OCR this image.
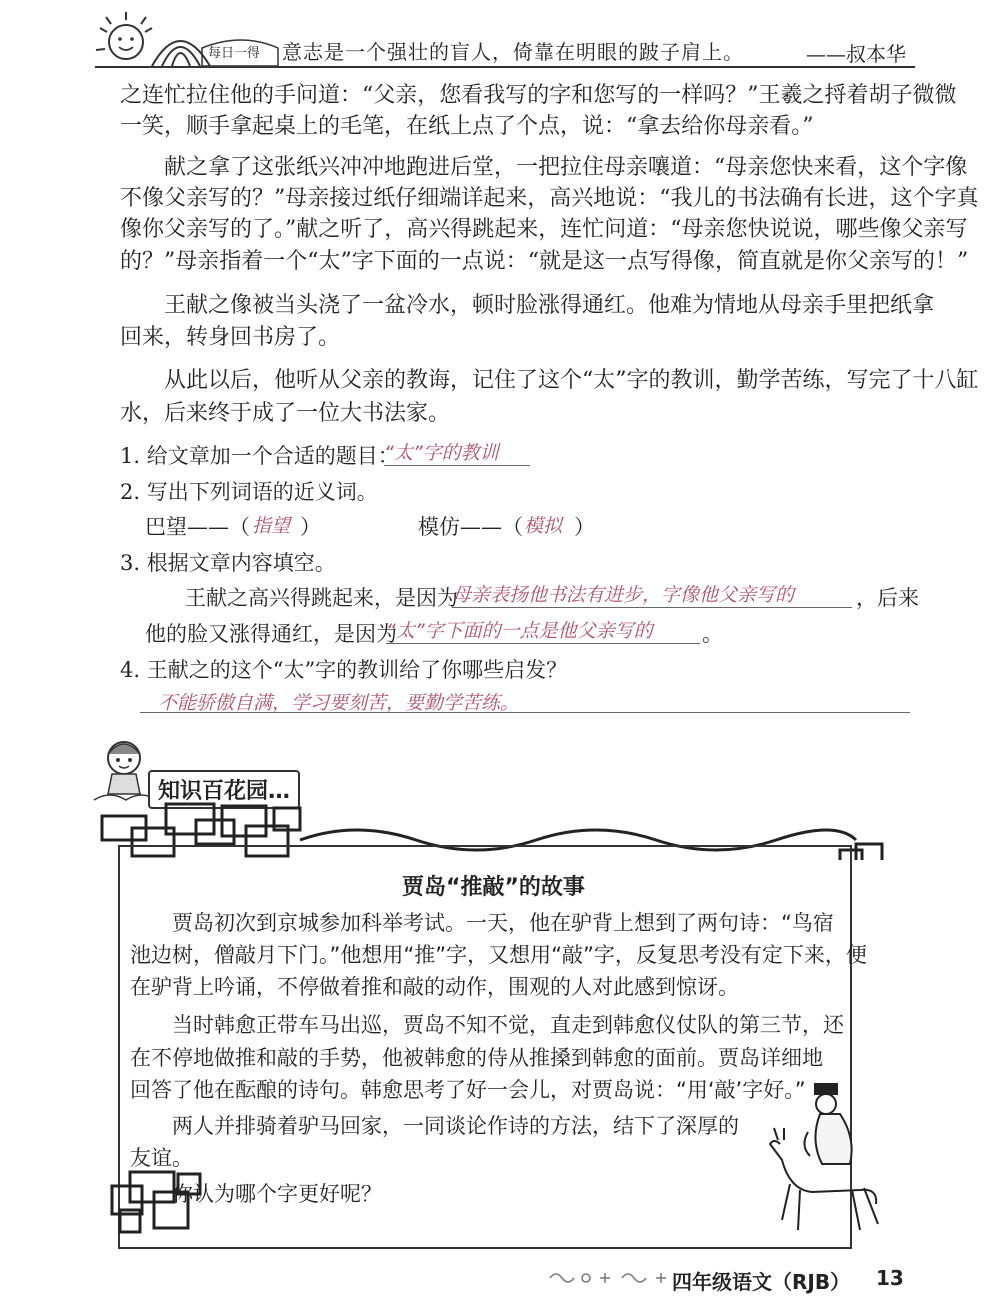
每日一得 意志是一个强壮的盲人，倚靠在明眼的跛子肩上。	——叔本华
之连忙拉住他的手问道：“父亲，您看我写的字和您写的一样吗？”王羲之捋着胡子微微
一笑，顺手拿起桌上的毛笔，在纸上点了个点，说：“拿去给你母亲看。”
　　献之拿了这张纸兴冲冲地跑进后堂，一把拉住母亲嚷道：“母亲您快来看，这个字像
不像父亲写的？”母亲接过纸仔细端详起来，高兴地说：“我儿的书法确有长进，这个字真
像你父亲写的了。”献之听了，高兴得跳起来，连忙问道：“母亲您快说说，哪些像父亲写
的？”母亲指着一个“太”字下面的一点说：“就是这一点写得像，简直就是你父亲写的！”
　　王献之像被当头浇了一盆冷水，顿时脸涨得通红。他难为情地从母亲手里把纸拿
回来，转身回书房了。
　　从此以后，他听从父亲的教诲，记住了这个“太”字的教训，勤学苦练，写完了十八缸
水，后来终于成了一位大书法家。
1. 给文章加一个合适的题目：
“太”字的教训
2. 写出下列词语的近义词。
巴望——（ 指望 ）	模仿——（ 模拟 ）
3. 根据文章内容填空。
王献之高兴得跳起来，是因为
母亲表扬他书法有进步，字像他父亲写的	，后来
他的脸又涨得通红，是因为
“太”字下面的一点是他父亲写的	。
4. 王献之的这个“太”字的教训给了你哪些启发？
不能骄傲自满，学习要刻苦，要勤学苦练。
知识百花园…
贾岛“推敲”的故事
　　贾岛初次到京城参加科举考试。一天，他在驴背上想到了两句诗：“鸟宿
池边树，僧敲月下门。”他想用“推”字，又想用“敲”字，反复思考没有定下来，便
在驴背上吟诵，不停做着推和敲的动作，围观的人对此感到惊讶。
　　当时韩愈正带车马出巡，贾岛不知不觉，直走到韩愈仪仗队的第三节，还
在不停地做推和敲的手势，他被韩愈的侍从推搡到韩愈的面前。贾岛详细地
回答了他在酝酿的诗句。韩愈思考了好一会儿，对贾岛说：“用‘敲’字好。”
　　两人并排骑着驴马回家，一同谈论作诗的方法，结下了深厚的
友谊。
　　你认为哪个字更好呢？
四年级语文（RJB） 13
